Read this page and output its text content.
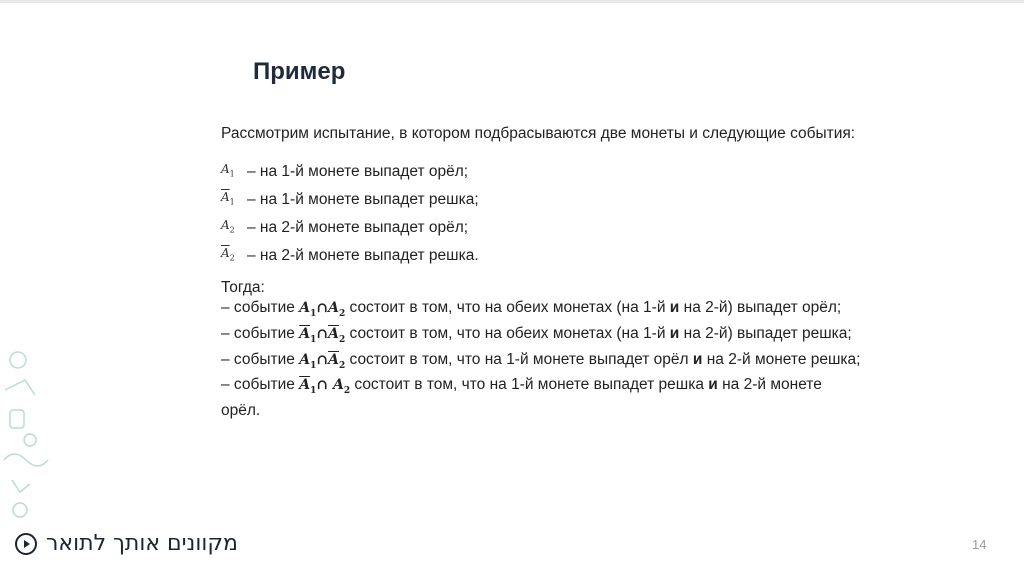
Пример

Рассмотрим испытание, в котором подбрасываются две монеты и следующие события:

$A_1$ – на 1-й монете выпадет орёл;
$\overline{A}_1$ – на 1-й монете выпадет решка;
$A_2$ – на 2-й монете выпадет орёл;
$\overline{A}_2$ – на 2-й монете выпадет решка.
Тогда:
– событие $A_1\cap A_2$ состоит в том, что на обеих монетах (на 1-й и на 2-й) выпадет орёл;
– событие $\overline{A}_1\cap\overline{A}_2$ состоит в том, что на обеих монетах (на 1-й и на 2-й) выпадет решка;
– событие $A_1\cap\overline{A}_2$ состоит в том, что на 1-й монете выпадет орёл и на 2-й монете решка;
– событие $\overline{A}_1\cap$ $A_2$ состоит в том, что на 1-й монете выпадет решка и на 2-й монете орёл.
מקוונים אותך לתואר	14
